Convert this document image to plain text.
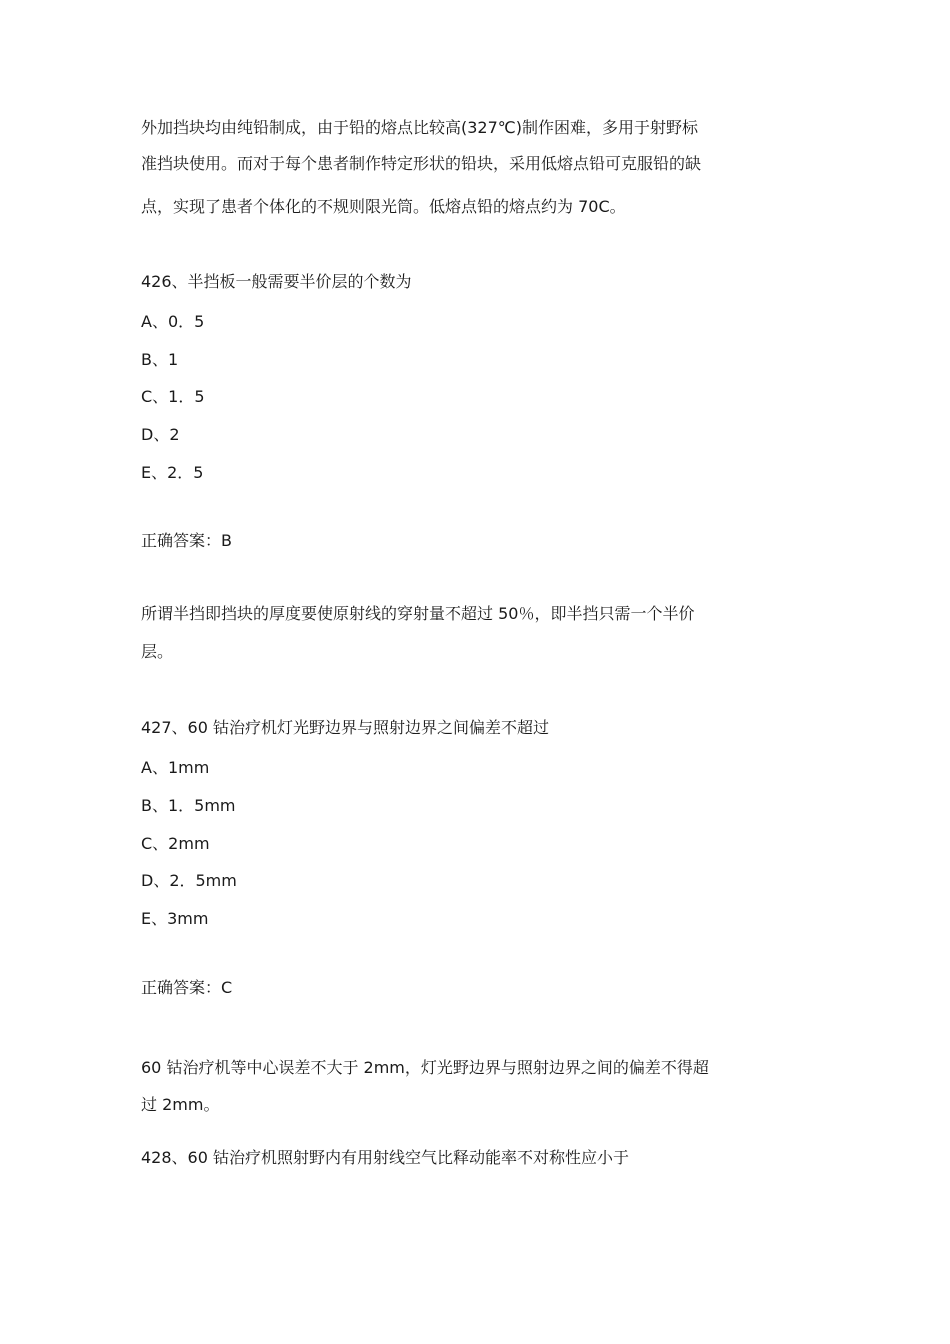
外加挡块均由纯铅制成，由于铅的熔点比较高(327℃)制作困难，多用于射野标
准挡块使用。而对于每个患者制作特定形状的铅块，采用低熔点铅可克服铅的缺
点，实现了患者个体化的不规则限光筒。低熔点铅的熔点约为 70C。
426、半挡板一般需要半价层的个数为
A、0．5
B、1
C、1．5
D、2
E、2．5
正确答案：B
所谓半挡即挡块的厚度要使原射线的穿射量不超过 50％，即半挡只需一个半价
层。
427、60 钴治疗机灯光野边界与照射边界之间偏差不超过
A、1mm
B、1．5mm
C、2mm
D、2．5mm
E、3mm
正确答案：C
60 钴治疗机等中心误差不大于 2mm，灯光野边界与照射边界之间的偏差不得超
过 2mm。
428、60 钴治疗机照射野内有用射线空气比释动能率不对称性应小于
